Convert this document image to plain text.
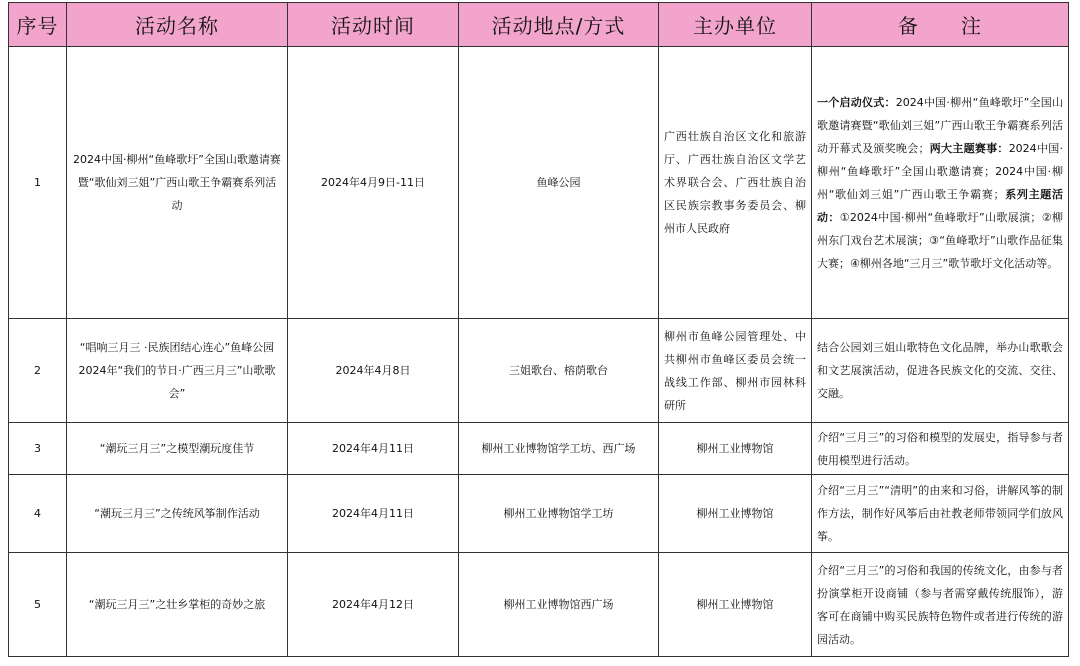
序号	活动名称	活动时间	活动地点/方式	主办单位	备　　注
1	2024中国·柳州“鱼峰歌圩”全国山歌邀请赛暨“歌仙刘三姐”广西山歌王争霸赛系列活动	2024年4月9日-11日	鱼峰公园	广西壮族自治区文化和旅游厅、广西壮族自治区文学艺术界联合会、广西壮族自治区民族宗教事务委员会、柳州市人民政府	一个启动仪式：2024中国·柳州“鱼峰歌圩”全国山歌邀请赛暨“歌仙刘三姐”广西山歌王争霸赛系列活动开幕式及颁奖晚会；两大主题赛事：2024中国·柳州“鱼峰歌圩”全国山歌邀请赛；2024中国·柳州“歌仙刘三姐”广西山歌王争霸赛；系列主题活动：①2024中国·柳州“鱼峰歌圩”山歌展演；②柳州东门戏台艺术展演；③“鱼峰歌圩”山歌作品征集大赛；④柳州各地“三月三”歌节歌圩文化活动等。
2	“唱响三月三 ·民族团结心连心”鱼峰公园2024年“我们的节日·广西三月三”山歌歌会”	2024年4月8日	三姐歌台、榕荫歌台	柳州市鱼峰公园管理处、中共柳州市鱼峰区委员会统一战线工作部、柳州市园林科研所	结合公园刘三姐山歌特色文化品牌，举办山歌歌会和文艺展演活动，促进各民族文化的交流、交往、交融。
3	“潮玩三月三”之模型潮玩度佳节	2024年4月11日	柳州工业博物馆学工坊、西广场	柳州工业博物馆	介绍“三月三”的习俗和模型的发展史，指导参与者使用模型进行活动。
4	“潮玩三月三”之传统风筝制作活动	2024年4月11日	柳州工业博物馆学工坊	柳州工业博物馆	介绍“三月三”“清明”的由来和习俗，讲解风筝的制作方法，制作好风筝后由社教老师带领同学们放风筝。
5	“潮玩三月三”之壮乡掌柜的奇妙之旅	2024年4月12日	柳州工业博物馆西广场	柳州工业博物馆	介绍“三月三”的习俗和我国的传统文化，由参与者扮演掌柜开设商铺（参与者需穿戴传统服饰），游客可在商铺中购买民族特色物件或者进行传统的游园活动。
